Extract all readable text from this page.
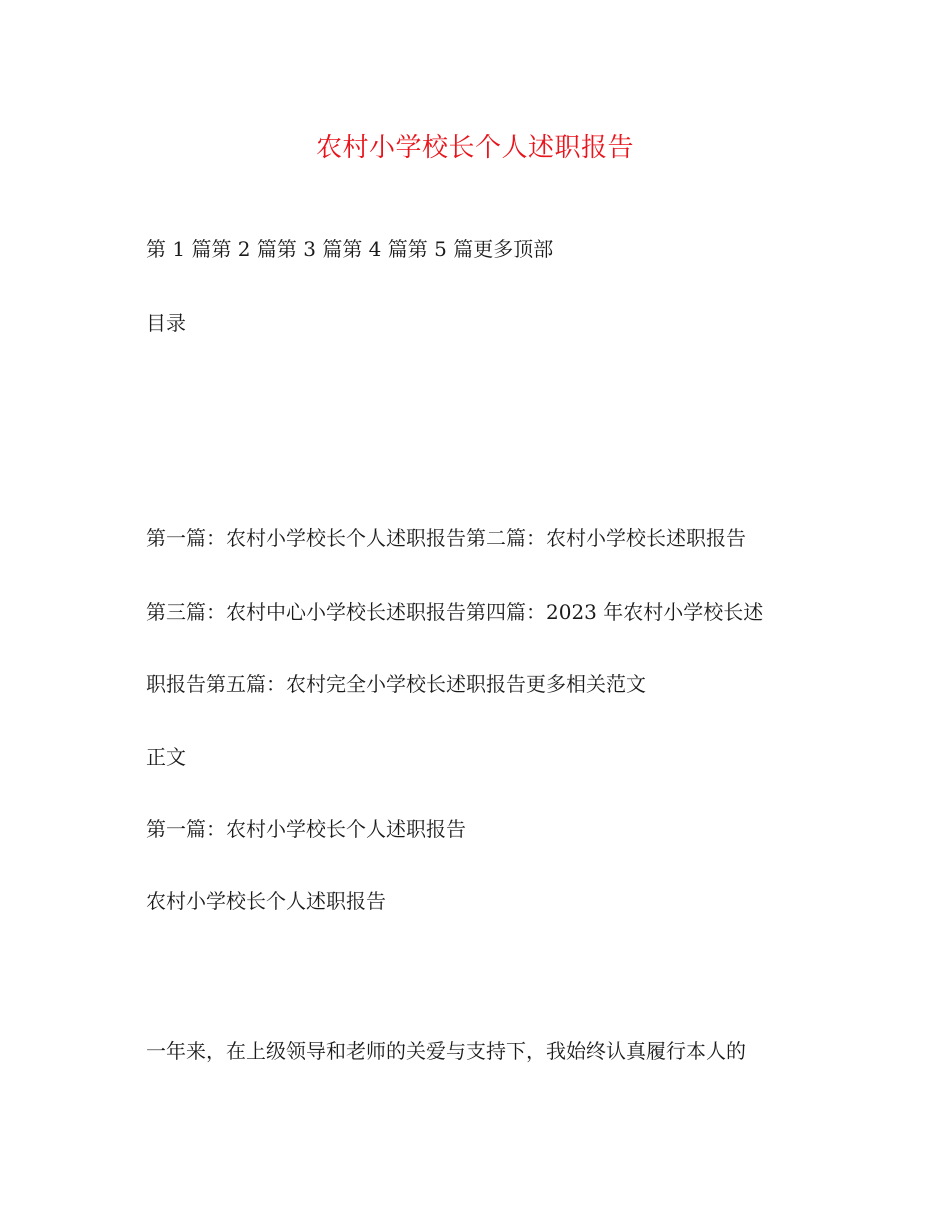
农村小学校长个人述职报告
第 1 篇第 2 篇第 3 篇第 4 篇第 5 篇更多顶部
目录
第一篇：农村小学校长个人述职报告第二篇：农村小学校长述职报告
第三篇：农村中心小学校长述职报告第四篇：2023 年农村小学校长述
职报告第五篇：农村完全小学校长述职报告更多相关范文
正文
第一篇：农村小学校长个人述职报告
农村小学校长个人述职报告
一年来，在上级领导和老师的关爱与支持下，我始终认真履行本人的
